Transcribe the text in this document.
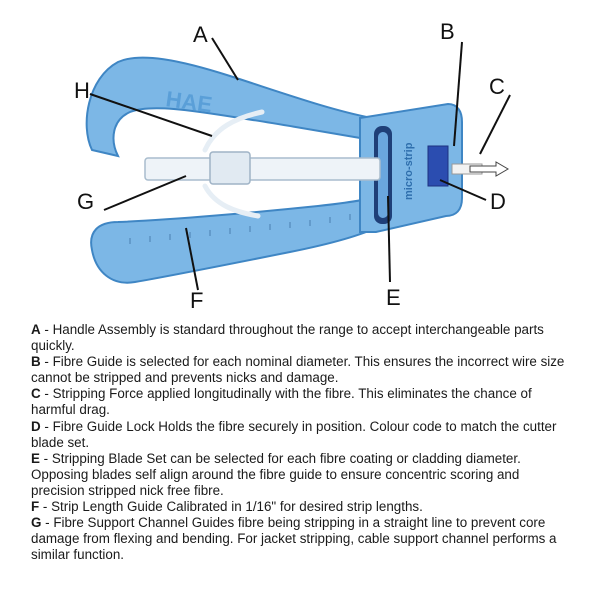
HAE
micro-strip
A	B
C
D
E
F
G
H

A - Handle Assembly is standard throughout the range to accept interchangeable parts quickly.

B - Fibre Guide is selected for each nominal diameter. This ensures the incorrect wire size cannot be stripped and prevents nicks and damage.

C - Stripping Force applied longitudinally with the fibre. This eliminates the chance of harmful drag.

D - Fibre Guide Lock Holds the fibre securely in position. Colour code to match the cutter blade set.

E - Stripping Blade Set can be selected for each fibre coating or cladding diameter. Opposing blades self align around the fibre guide to ensure concentric scoring and precision stripped nick free fibre.

F - Strip Length Guide Calibrated in 1/16" for desired strip lengths.

G - Fibre Support Channel Guides fibre being stripping in a straight line to prevent core damage from flexing and bending. For jacket stripping, cable support channel performs a similar function.
